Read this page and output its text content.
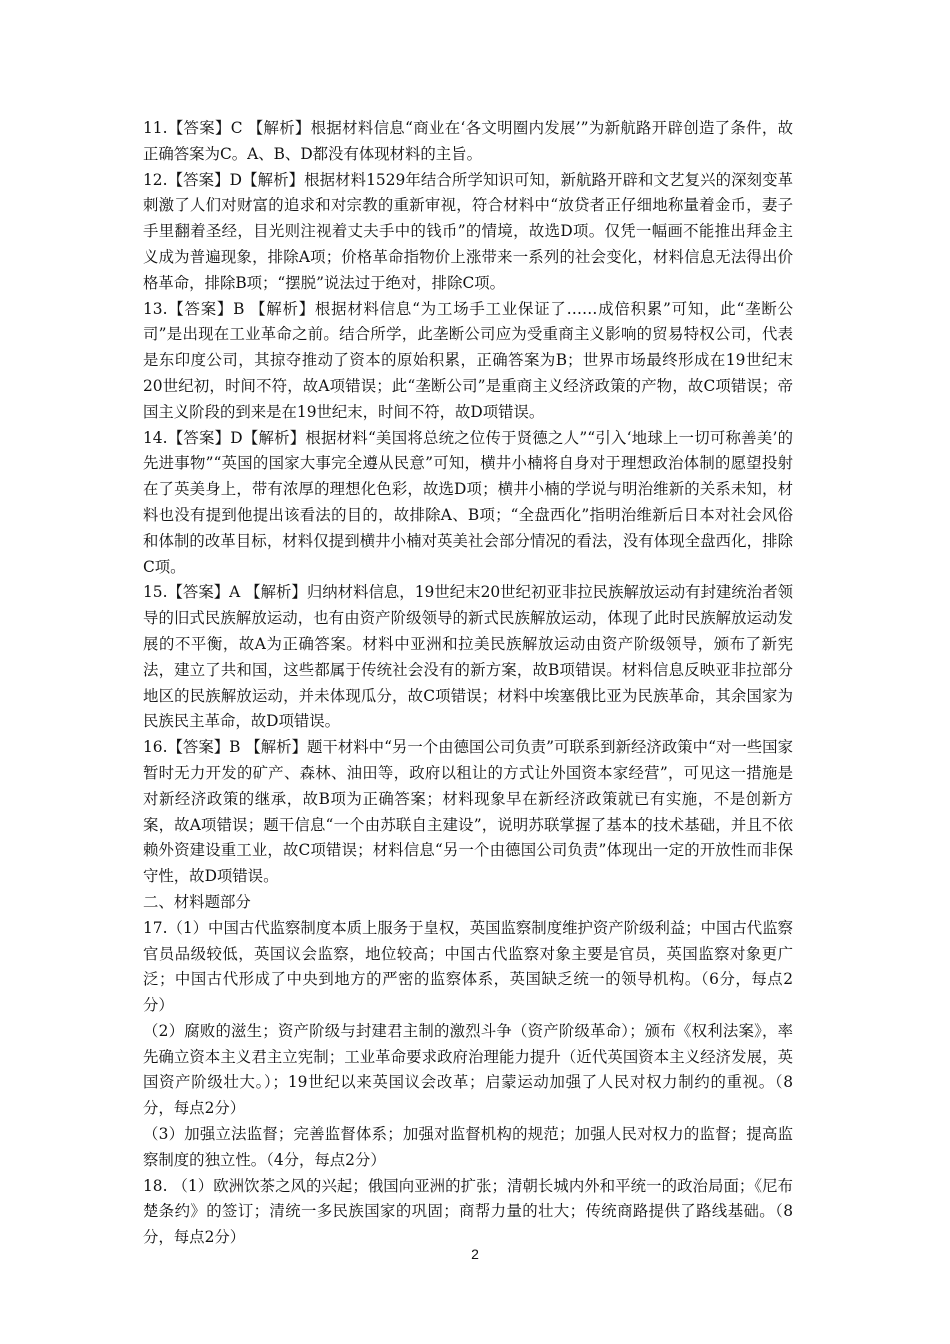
11.【答案】C 【解析】根据材料信息“商业在‘各文明圈内发展’”为新航路开辟创造了条件，故正确答案为C。A、B、D都没有体现材料的主旨。

12.【答案】D【解析】根据材料1529年结合所学知识可知，新航路开辟和文艺复兴的深刻变革刺激了人们对财富的追求和对宗教的重新审视，符合材料中“放贷者正仔细地称量着金币，妻子手里翻着圣经，目光则注视着丈夫手中的钱币”的情境，故选D项。仅凭一幅画不能推出拜金主义成为普遍现象，排除A项；价格革命指物价上涨带来一系列的社会变化，材料信息无法得出价格革命，排除B项；“摆脱”说法过于绝对，排除C项。

13.【答案】B 【解析】根据材料信息“为工场手工业保证了……成倍积累”可知，此“垄断公司”是出现在工业革命之前。结合所学，此垄断公司应为受重商主义影响的贸易特权公司，代表是东印度公司，其掠夺推动了资本的原始积累，正确答案为B；世界市场最终形成在19世纪末20世纪初，时间不符，故A项错误；此“垄断公司”是重商主义经济政策的产物，故C项错误；帝国主义阶段的到来是在19世纪末，时间不符，故D项错误。

14.【答案】D【解析】根据材料“美国将总统之位传于贤德之人”“引入‘地球上一切可称善美’的先进事物”“英国的国家大事完全遵从民意”可知，横井小楠将自身对于理想政治体制的愿望投射在了英美身上，带有浓厚的理想化色彩，故选D项；横井小楠的学说与明治维新的关系未知，材料也没有提到他提出该看法的目的，故排除A、B项；“全盘西化”指明治维新后日本对社会风俗和体制的改革目标，材料仅提到横井小楠对英美社会部分情况的看法，没有体现全盘西化，排除C项。

15.【答案】A 【解析】归纳材料信息，19世纪末20世纪初亚非拉民族解放运动有封建统治者领导的旧式民族解放运动，也有由资产阶级领导的新式民族解放运动，体现了此时民族解放运动发展的不平衡，故A为正确答案。材料中亚洲和拉美民族解放运动由资产阶级领导，颁布了新宪法，建立了共和国，这些都属于传统社会没有的新方案，故B项错误。材料信息反映亚非拉部分地区的民族解放运动，并未体现瓜分，故C项错误；材料中埃塞俄比亚为民族革命，其余国家为民族民主革命，故D项错误。

16.【答案】B 【解析】题干材料中“另一个由德国公司负责”可联系到新经济政策中“对一些国家暂时无力开发的矿产、森林、油田等，政府以租让的方式让外国资本家经营”，可见这一措施是对新经济政策的继承，故B项为正确答案；材料现象早在新经济政策就已有实施，不是创新方案，故A项错误；题干信息“一个由苏联自主建设”，说明苏联掌握了基本的技术基础，并且不依赖外资建设重工业，故C项错误；材料信息“另一个由德国公司负责”体现出一定的开放性而非保守性，故D项错误。

二、材料题部分

17.（1）中国古代监察制度本质上服务于皇权，英国监察制度维护资产阶级利益；中国古代监察官员品级较低，英国议会监察，地位较高；中国古代监察对象主要是官员，英国监察对象更广泛；中国古代形成了中央到地方的严密的监察体系，英国缺乏统一的领导机构。（6分，每点2分）

（2）腐败的滋生；资产阶级与封建君主制的激烈斗争（资产阶级革命）；颁布《权利法案》，率先确立资本主义君主立宪制；工业革命要求政府治理能力提升（近代英国资本主义经济发展，英国资产阶级壮大。）；19世纪以来英国议会改革；启蒙运动加强了人民对权力制约的重视。（8分，每点2分）

（3）加强立法监督；完善监督体系；加强对监督机构的规范；加强人民对权力的监督；提高监察制度的独立性。（4分，每点2分）

18. （1）欧洲饮茶之风的兴起；俄国向亚洲的扩张；清朝长城内外和平统一的政治局面；《尼布楚条约》的签订；清统一多民族国家的巩固；商帮力量的壮大；传统商路提供了路线基础。（8分，每点2分）

2
